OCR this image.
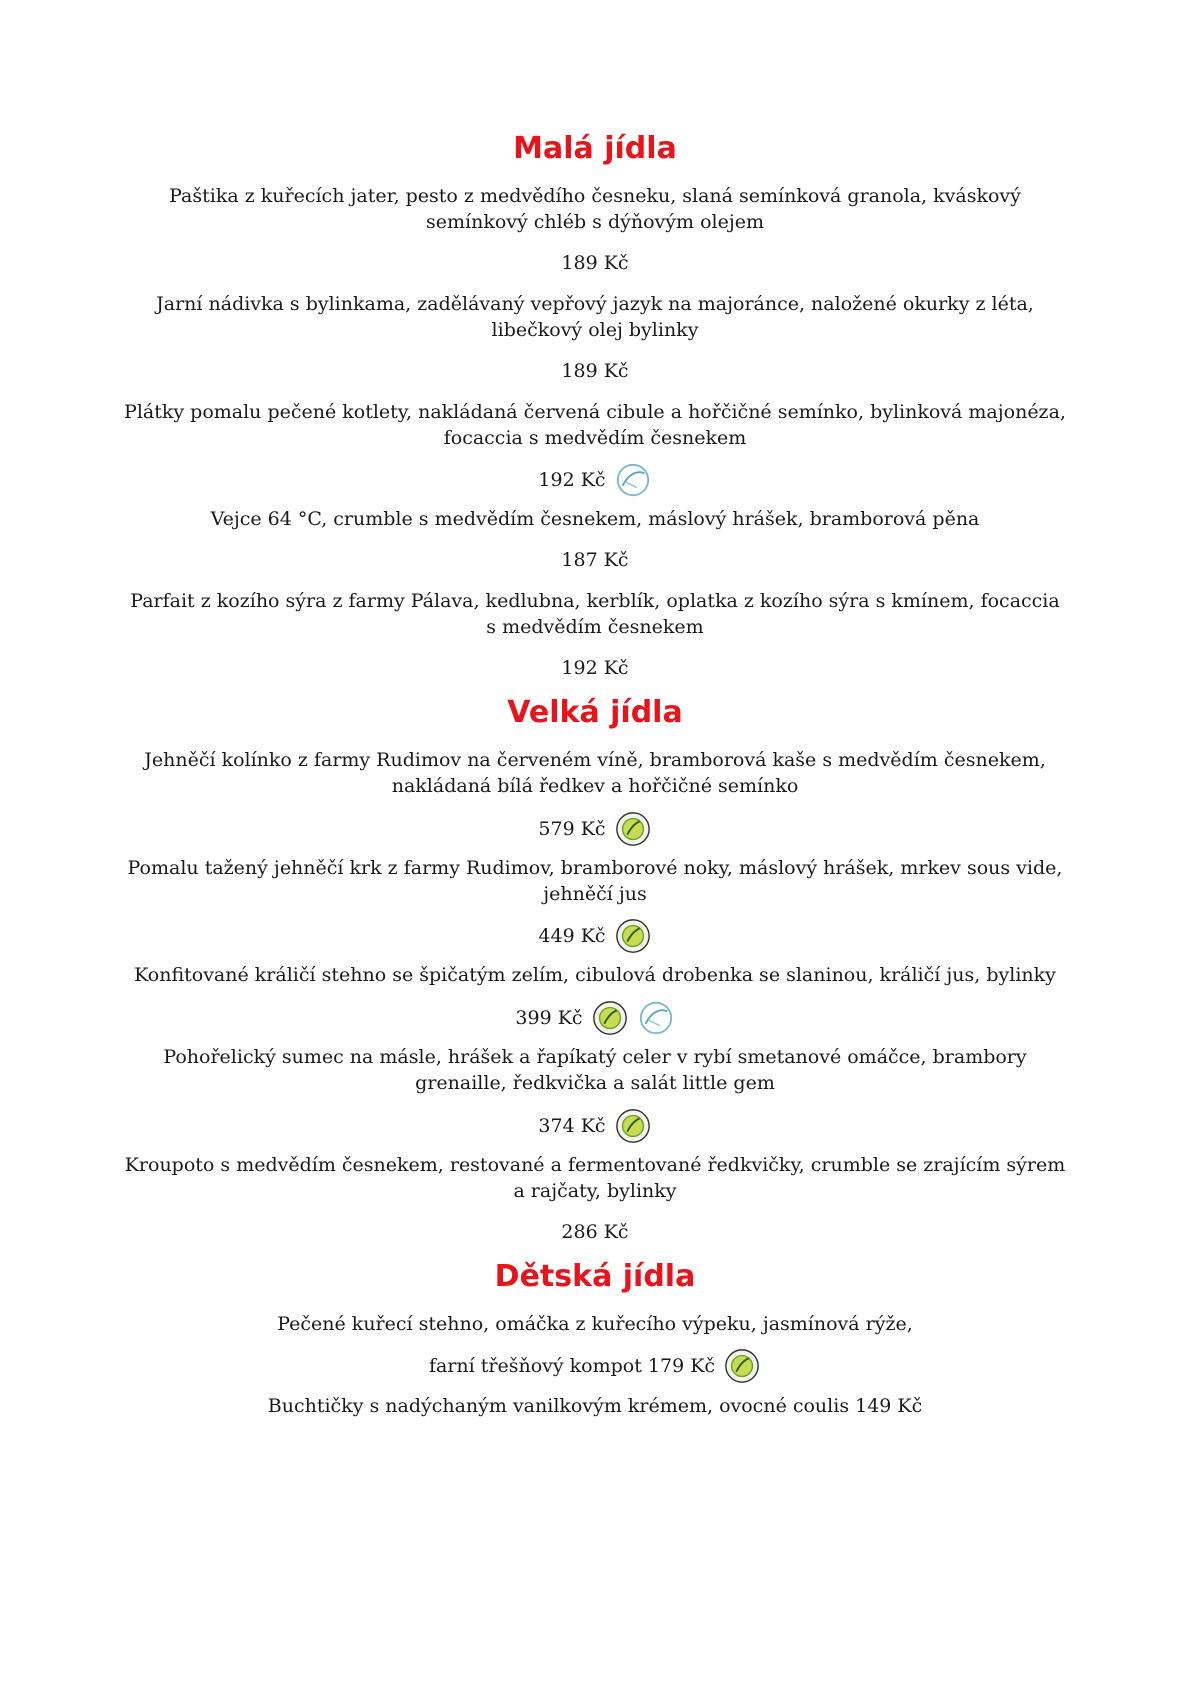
Malá jídla
Paštika z kuřecích jater, pesto z medvědího česneku, slaná semínková granola, kváskový
semínkový chléb s dýňovým olejem
189 Kč
Jarní nádivka s bylinkama, zadělávaný vepřový jazyk na majoránce, naložené okurky z léta,
libečkový olej bylinky
189 Kč
Plátky pomalu pečené kotlety, nakládaná červená cibule a hořčičné semínko, bylinková majonéza,
focaccia s medvědím česnekem
192 Kč
Vejce 64 °C, crumble s medvědím česnekem, máslový hrášek, bramborová pěna
187 Kč
Parfait z kozího sýra z farmy Pálava, kedlubna, kerblík, oplatka z kozího sýra s kmínem, focaccia
s medvědím česnekem
192 Kč
Velká jídla
Jehněčí kolínko z farmy Rudimov na červeném víně, bramborová kaše s medvědím česnekem,
nakládaná bílá ředkev a hořčičné semínko
579 Kč
Pomalu tažený jehněčí krk z farmy Rudimov, bramborové noky, máslový hrášek, mrkev sous vide,
jehněčí jus
449 Kč
Konfitované králičí stehno se špičatým zelím, cibulová drobenka se slaninou, králičí jus, bylinky
399 Kč
Pohořelický sumec na másle, hrášek a řapíkatý celer v rybí smetanové omáčce, brambory
grenaille, ředkvička a salát little gem
374 Kč
Kroupoto s medvědím česnekem, restované a fermentované ředkvičky, crumble se zrajícím sýrem
a rajčaty, bylinky
286 Kč
Dětská jídla
Pečené kuřecí stehno, omáčka z kuřecího výpeku, jasmínová rýže,
farní třešňový kompot 179 Kč
Buchtičky s nadýchaným vanilkovým krémem, ovocné coulis 149 Kč
